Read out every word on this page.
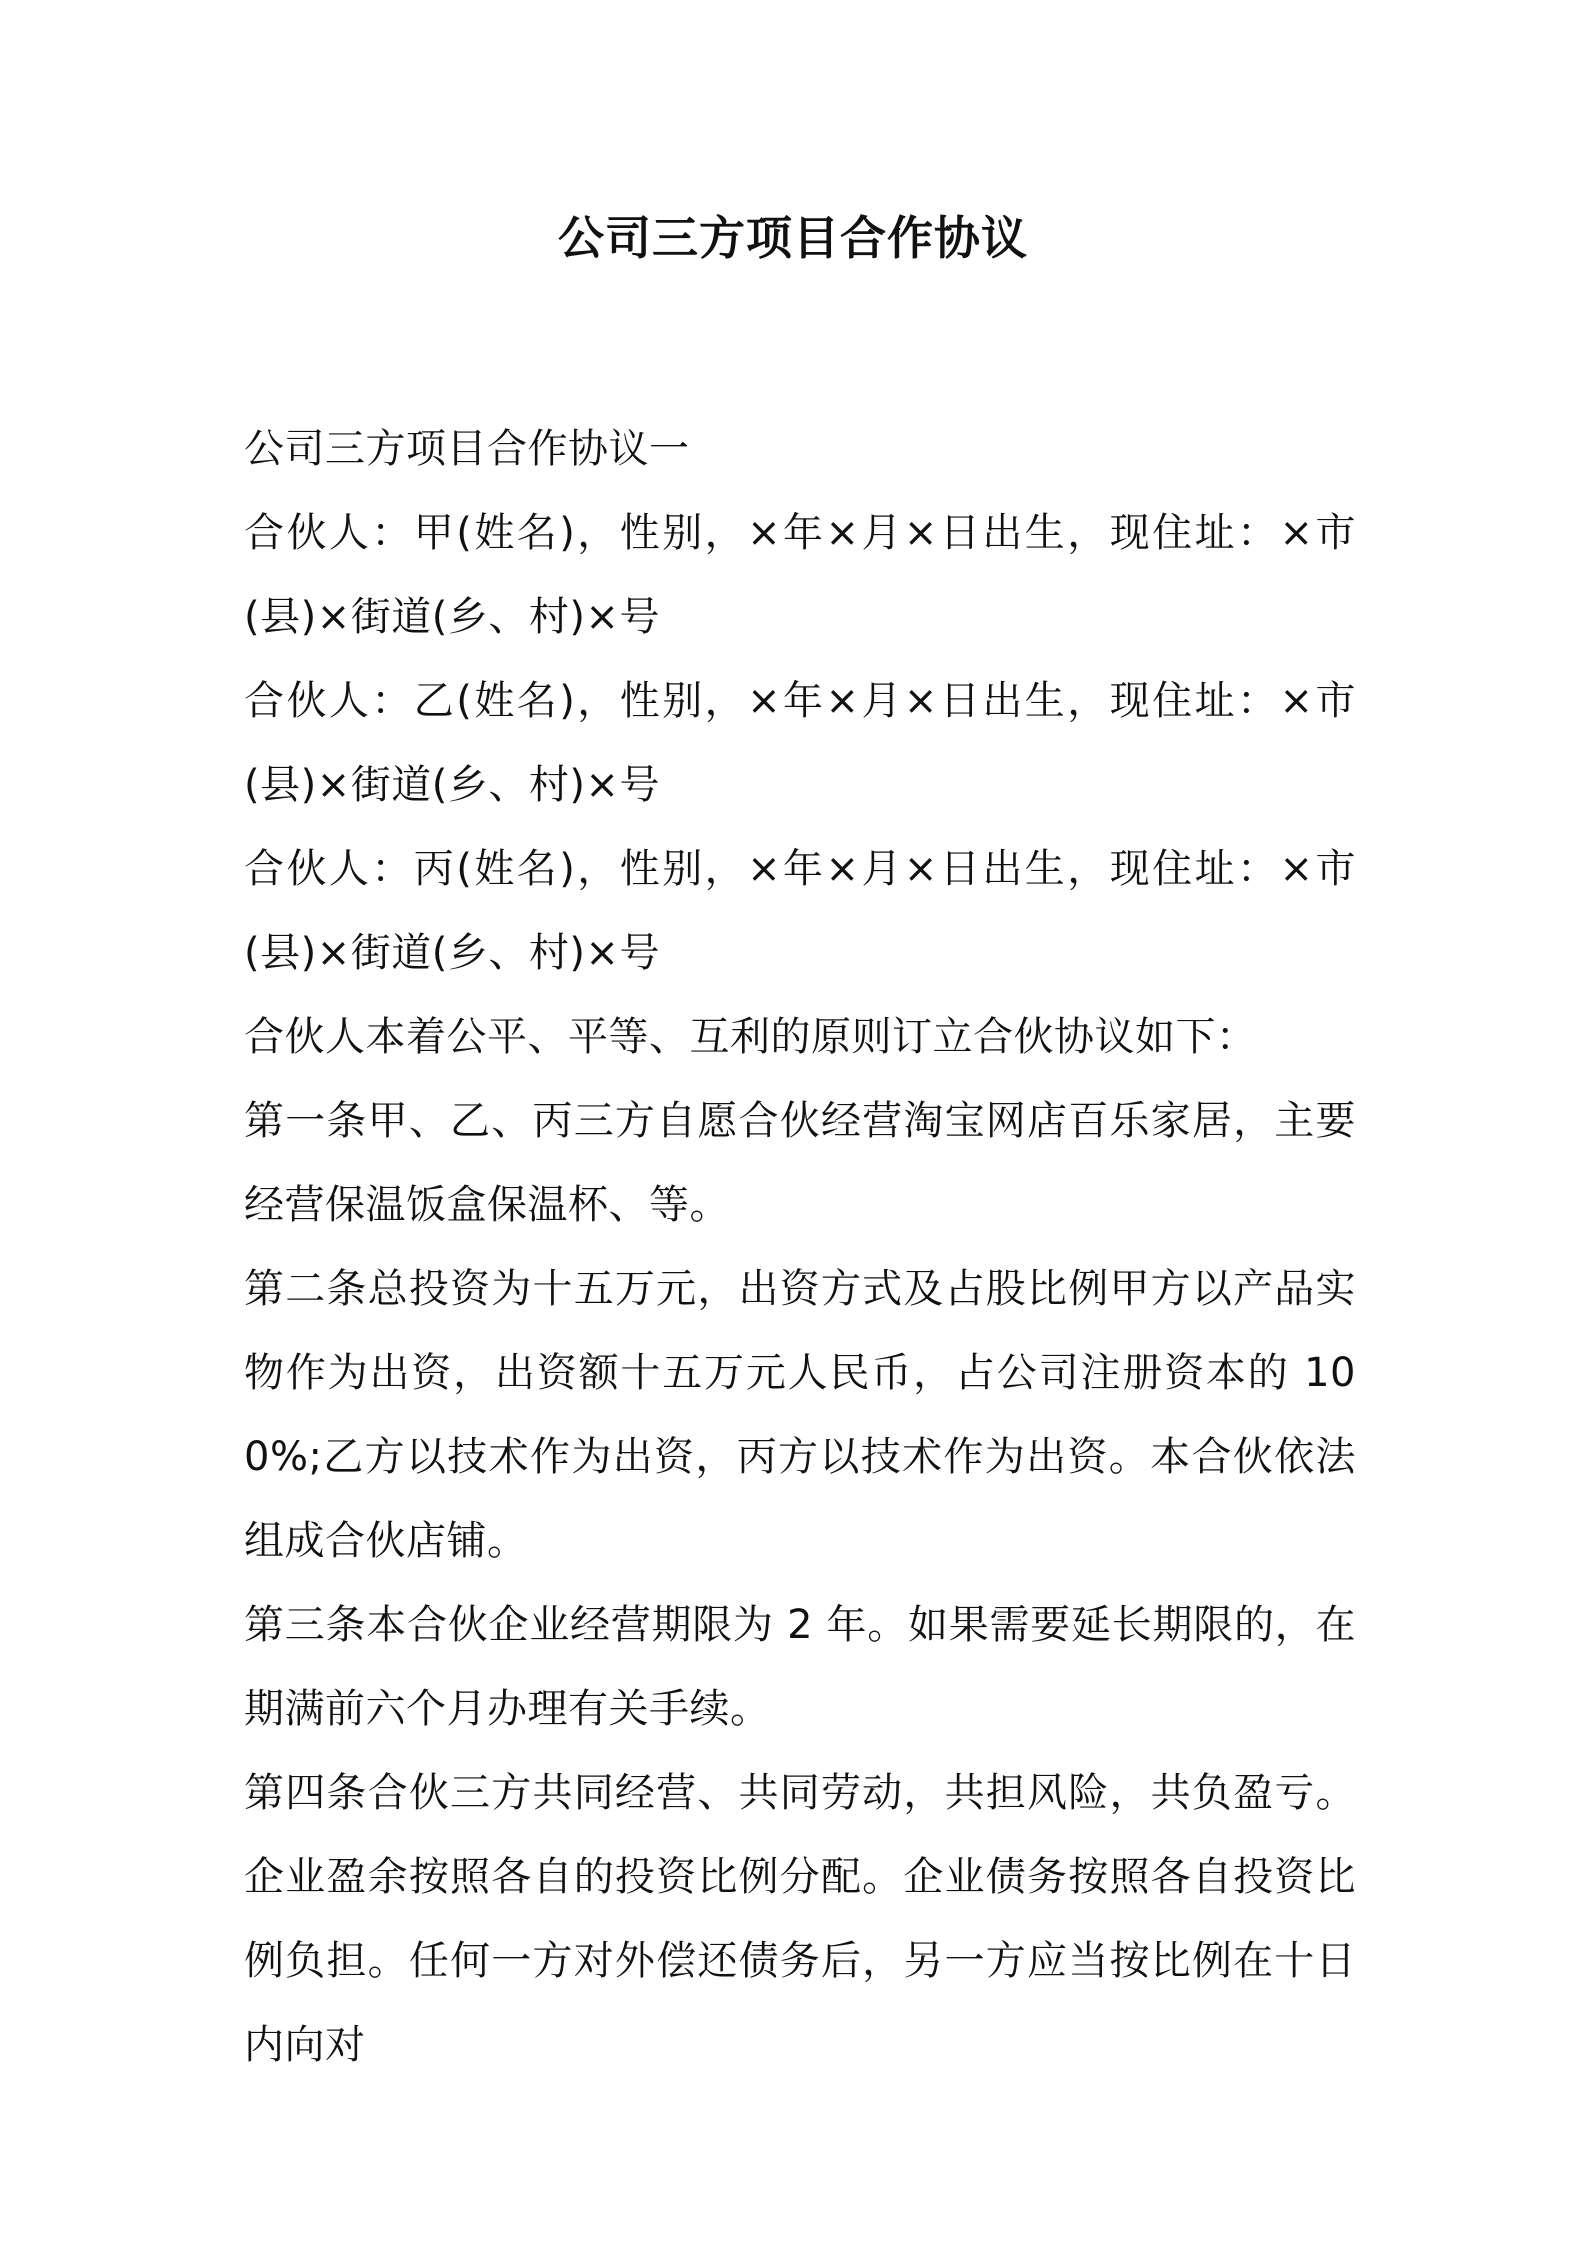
公司三方项目合作协议

公司三方项目合作协议一

合伙人：甲(姓名)，性别，×年×月×日出生，现住址：×市(县)×街道(乡、村)×号

合伙人：乙(姓名)，性别，×年×月×日出生，现住址：×市(县)×街道(乡、村)×号

合伙人：丙(姓名)，性别，×年×月×日出生，现住址：×市(县)×街道(乡、村)×号

合伙人本着公平、平等、互利的原则订立合伙协议如下：

第一条甲、乙、丙三方自愿合伙经营淘宝网店百乐家居，主要经营保温饭盒保温杯、等。

第二条总投资为十五万元，出资方式及占股比例甲方以产品实物作为出资，出资额十五万元人民币，占公司注册资本的 100%;乙方以技术作为出资，丙方以技术作为出资。本合伙依法组成合伙店铺。

第三条本合伙企业经营期限为 2 年。如果需要延长期限的，在期满前六个月办理有关手续。

第四条合伙三方共同经营、共同劳动，共担风险，共负盈亏。企业盈余按照各自的投资比例分配。企业债务按照各自投资比例负担。任何一方对外偿还债务后，另一方应当按比例在十日内向对
